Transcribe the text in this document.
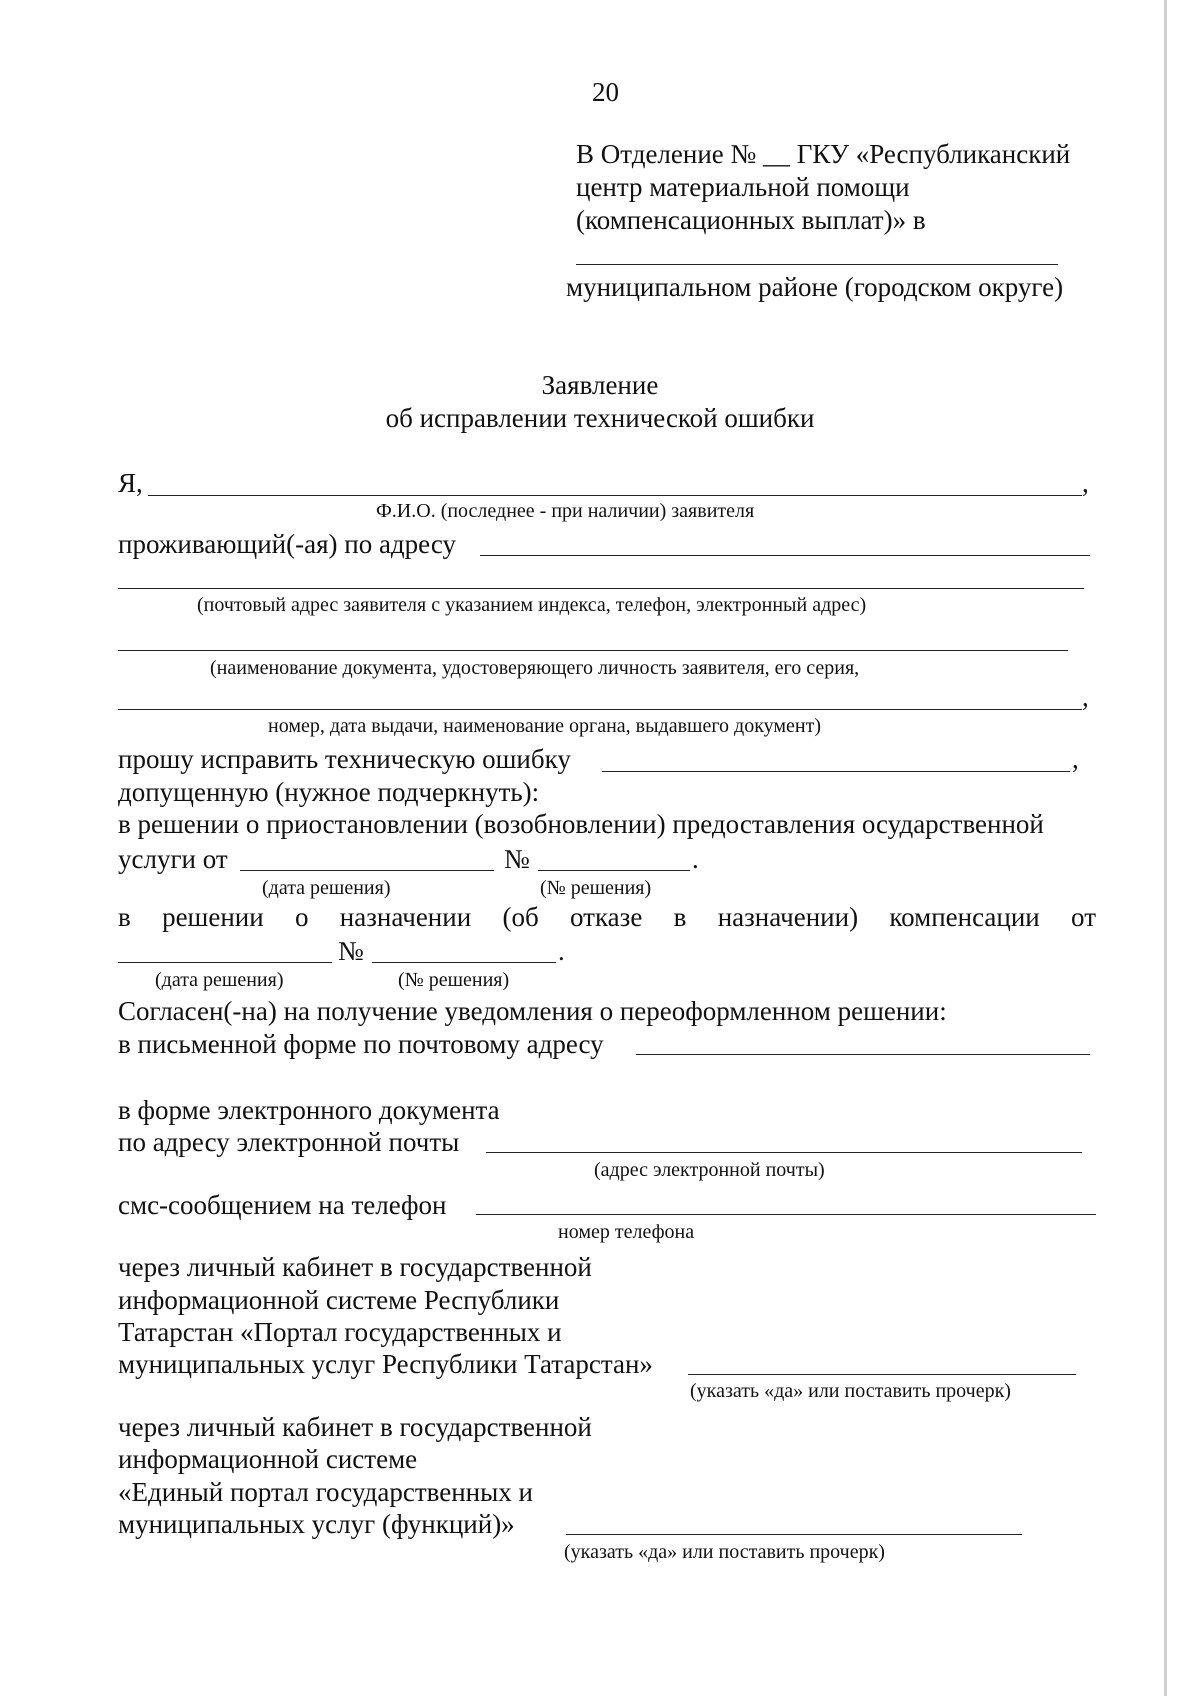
20
В Отделение № __ ГКУ «Республиканский
центр материальной помощи
(компенсационных выплат)» в
муниципальном районе (городском округе)
Заявление
об исправлении технической ошибки
Я,	,
Ф.И.О. (последнее - при наличии) заявителя
проживающий(-ая) по адресу
(почтовый адрес заявителя с указанием индекса, телефон, электронный адрес)
(наименование документа, удостоверяющего личность заявителя, его серия,
,
номер, дата выдачи, наименование органа, выдавшего документ)
прошу исправить техническую ошибку	,
допущенную (нужное подчеркнуть):
в решении о приостановлении (возобновлении) предоставления осударственной
услуги от	№	.
(дата решения)	(№ решения)
в решении о назначении (об отказе в назначении) компенсации от
№	.
(дата решения)	(№ решения)
Согласен(-на) на получение уведомления о переоформленном решении:
в письменной форме по почтовому адресу
в форме электронного документа
по адресу электронной почты
(адрес электронной почты)
смс-сообщением на телефон
номер телефона
через личный кабинет в государственной
информационной системе Республики
Татарстан «Портал государственных и
муниципальных услуг Республики Татарстан»
(указать «да» или поставить прочерк)
через личный кабинет в государственной
информационной системе
«Единый портал государственных и
муниципальных услуг (функций)»
(указать «да» или поставить прочерк)
